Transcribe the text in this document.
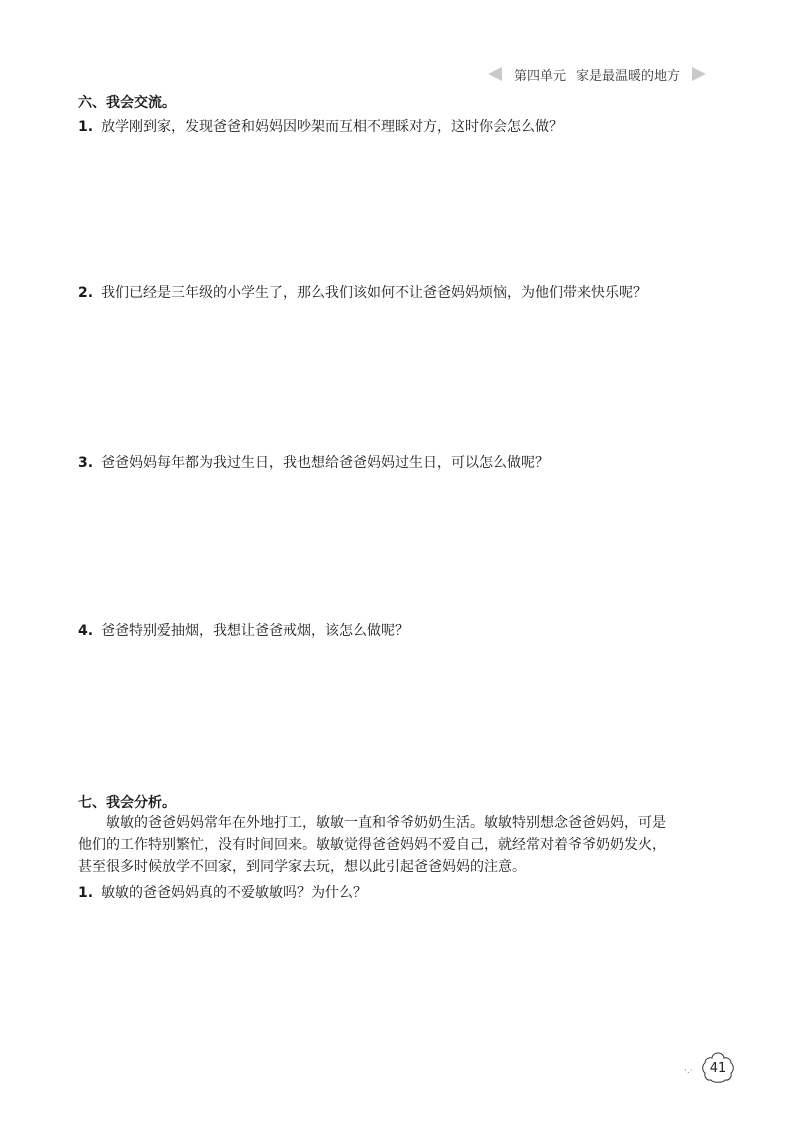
第四单元 家是最温暖的地方
六、我会交流。
1. 放学刚到家，发现爸爸和妈妈因吵架而互相不理睬对方，这时你会怎么做？
2. 我们已经是三年级的小学生了，那么我们该如何不让爸爸妈妈烦恼，为他们带来快乐呢？
3. 爸爸妈妈每年都为我过生日，我也想给爸爸妈妈过生日，可以怎么做呢？
4. 爸爸特别爱抽烟，我想让爸爸戒烟，该怎么做呢？
七、我会分析。

敏敏的爸爸妈妈常年在外地打工，敏敏一直和爷爷奶奶生活。敏敏特别想念爸爸妈妈，可是

他们的工作特别繁忙，没有时间回来。敏敏觉得爸爸妈妈不爱自己，就经常对着爷爷奶奶发火，

甚至很多时候放学不回家，到同学家去玩，想以此引起爸爸妈妈的注意。

1. 敏敏的爸爸妈妈真的不爱敏敏吗？为什么？
·.· 41
